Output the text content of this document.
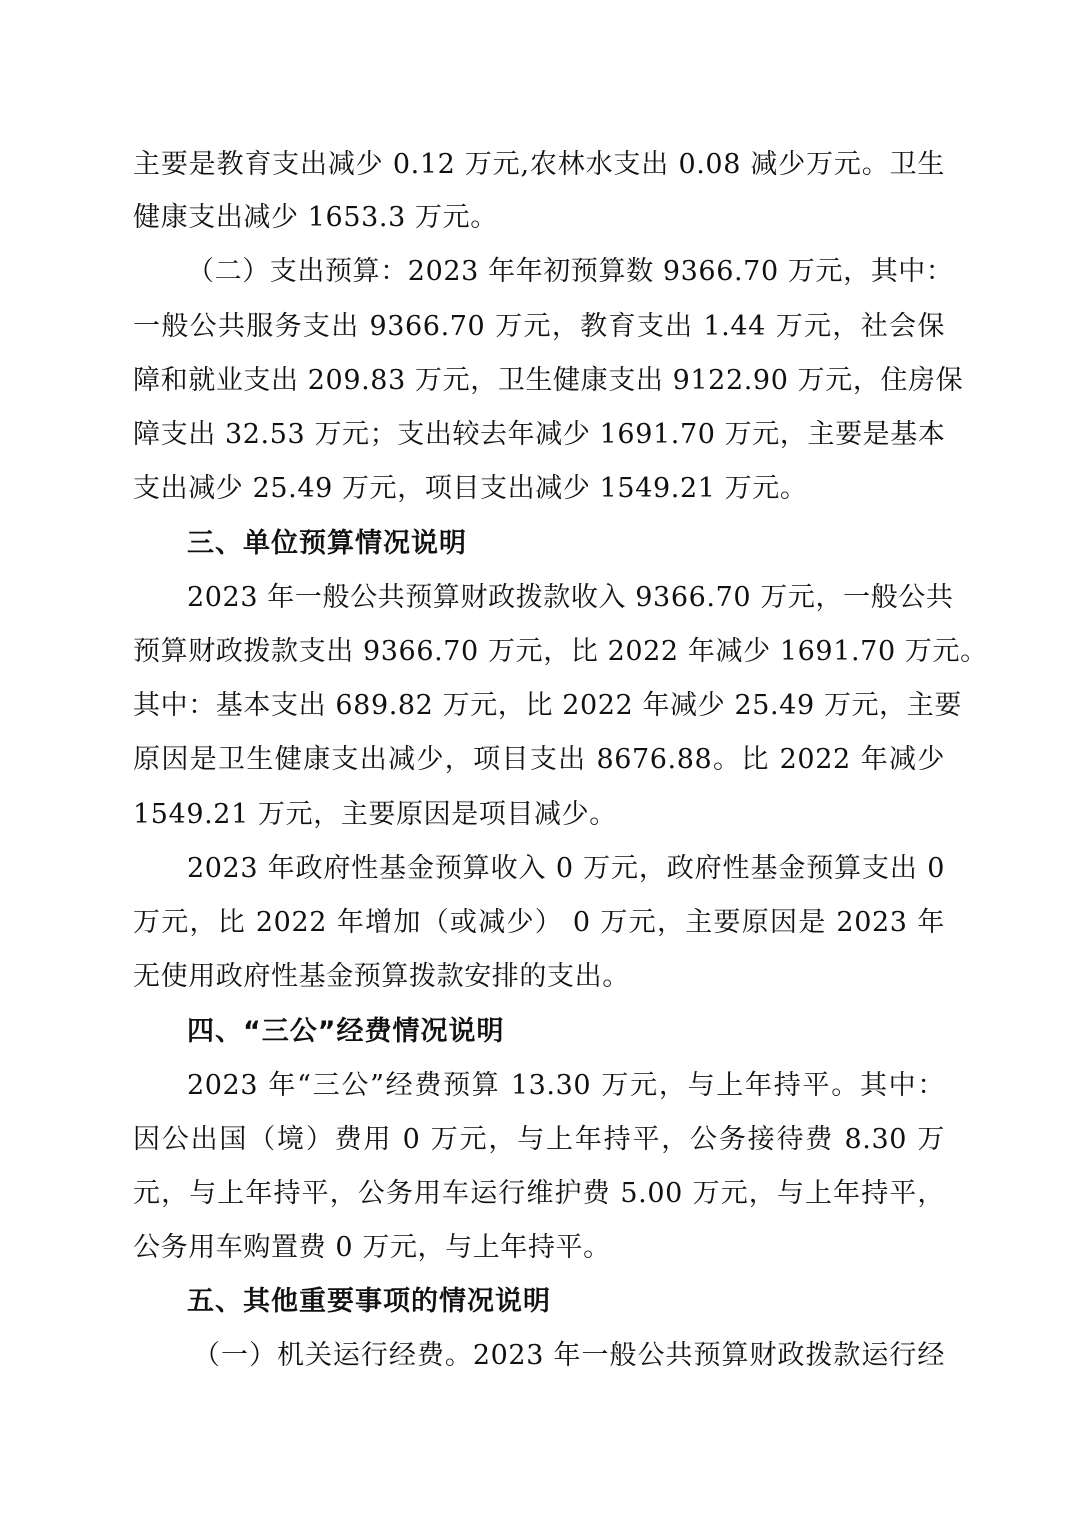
主要是教育支出减少 0.12 万元,农林水支出 0.08 减少万元。卫生
健康支出减少 1653.3 万元。
（二）支出预算：2023 年年初预算数 9366.70 万元，其中：
一般公共服务支出 9366.70 万元，教育支出 1.44 万元，社会保
障和就业支出 209.83 万元，卫生健康支出 9122.90 万元，住房保
障支出 32.53 万元；支出较去年减少 1691.70 万元，主要是基本
支出减少 25.49 万元，项目支出减少 1549.21 万元。
三、单位预算情况说明
2023 年一般公共预算财政拨款收入 9366.70 万元，一般公共
预算财政拨款支出 9366.70 万元，比 2022 年减少 1691.70 万元。
其中：基本支出 689.82 万元，比 2022 年减少 25.49 万元，主要
原因是卫生健康支出减少，项目支出 8676.88。比 2022 年减少
1549.21 万元，主要原因是项目减少。
2023 年政府性基金预算收入 0 万元，政府性基金预算支出 0
万元，比 2022 年增加（或减少） 0 万元，主要原因是 2023 年
无使用政府性基金预算拨款安排的支出。
四、“三公”经费情况说明
2023 年“三公”经费预算 13.30 万元，与上年持平。其中：
因公出国（境）费用 0 万元，与上年持平，公务接待费 8.30 万
元，与上年持平，公务用车运行维护费 5.00 万元，与上年持平，
公务用车购置费 0 万元，与上年持平。
五、其他重要事项的情况说明
（一）机关运行经费。2023 年一般公共预算财政拨款运行经
